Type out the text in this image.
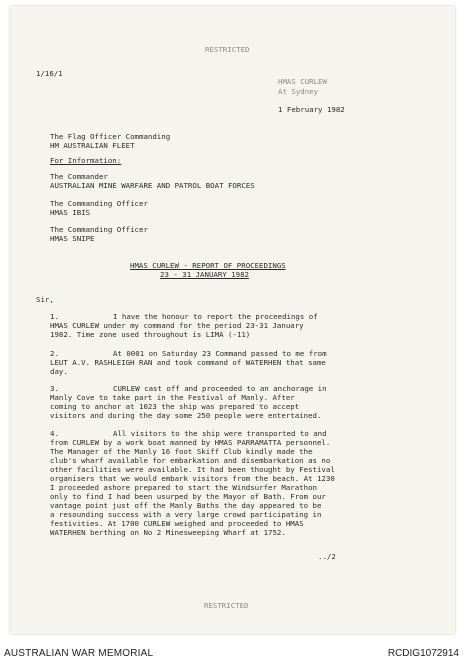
RESTRICTED
1/16/1
HMAS CURLEW
At Sydney
1 February 1982
The Flag Officer Commanding
HM AUSTRALIAN FLEET
For Information:
The Commander
AUSTRALIAN MINE WARFARE AND PATROL BOAT FORCES
The Commanding Officer
HMAS IBIS
The Commanding Officer
HMAS SNIPE
HMAS CURLEW - REPORT OF PROCEEDINGS
23 - 31 JANUARY 1982
Sir,
1.	I have the honour to report the proceedings of
HMAS CURLEW under my command for the period 23-31 January
1982. Time zone used throughout is LIMA (-11)
2.	At 0001 on Saturday 23 Command passed to me from
LEUT A.V. RASHLEIGH RAN and took command of WATERHEN that same
day.
3.	CURLEW cast off and proceeded to an anchorage in
Manly Cove to take part in the Festival of Manly. After
coming to anchor at 1023 the ship was prepared to accept
visitors and during the day some 250 people were entertained.
4.	All visitors to the ship were transported to and
from CURLEW by a work boat manned by HMAS PARRAMATTA personnel.
The Manager of the Manly 16 foot Skiff Club kindly made the
club's wharf available for embarkation and disembarkation as no
other facilities were available. It had been thought by Festival
organisers that we would embark visitors from the beach. At 1230
I proceeded ashore prepared to start the Windsurfer Marathon
only to find I had been usurped by the Mayor of Bath. From our
vantage point just off the Manly Baths the day appeared to be
a resounding success with a very large crowd participating in
festivities. At 1700 CURLEW weighed and proceeded to HMAS
WATERHEN berthing on No 2 Minesweeping Wharf at 1752.
../2
RESTRICTED
AUSTRALIAN WAR MEMORIAL	RCDIG1072914
